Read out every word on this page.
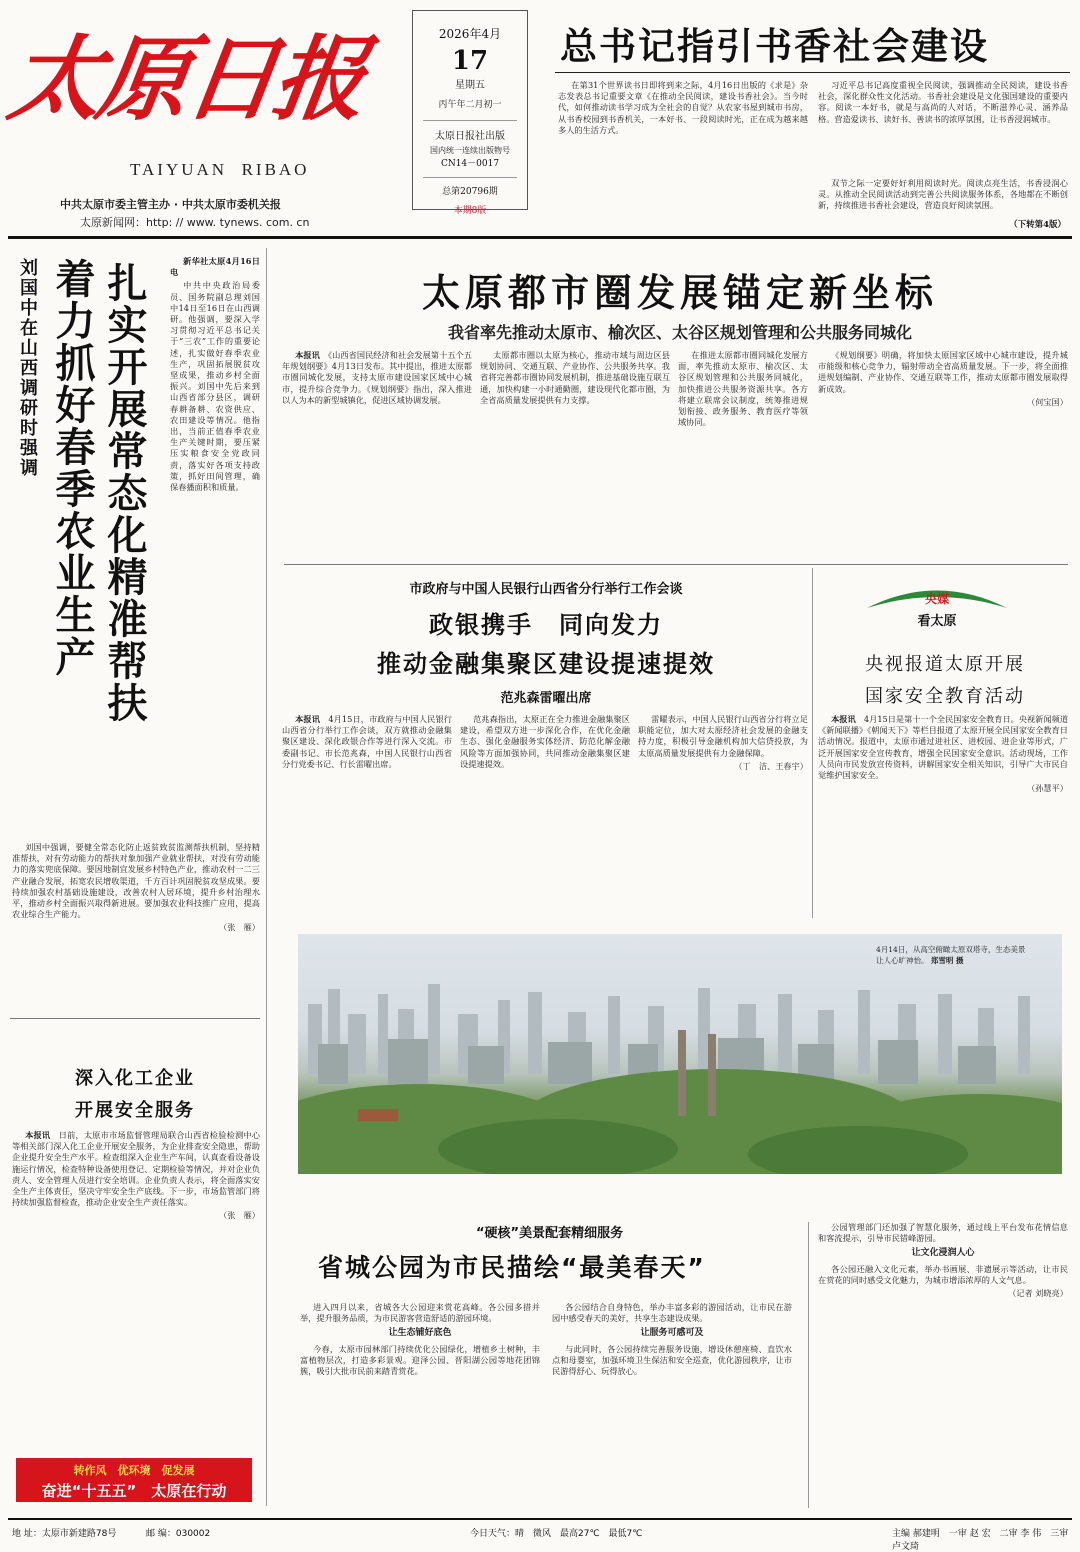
太原日报
TAIYUAN  RIBAO
中共太原市委主管主办 · 中共太原市委机关报
太原新闻网：http: // www. tynews. com. cn
2026年4月
17
星期五
丙午年二月初一
太原日报社出版
国内统一连续出版物号
CN14－0017
总第20796期
本期8版
总书记指引书香社会建设

在第31个世界读书日即将到来之际，4月16日出版的《求是》杂志发表总书记重要文章《在推动全民阅读，建设书香社会》。当今时代，如何推动读书学习成为全社会的自觉？从农家书屋到城市书房，从书香校园到书香机关，一本好书、一段阅读时光，正在成为越来越多人的生活方式。

习近平总书记高度重视全民阅读，强调推动全民阅读，建设书香社会，深化群众性文化活动。书香社会建设是文化强国建设的重要内容。阅读一本好书，就是与高尚的人对话，不断滋养心灵、涵养品格。营造爱读书、读好书、善读书的浓厚氛围，让书香浸润城市。

双节之际一定要好好利用阅读时光。阅读点亮生活，书香浸润心灵。从推动全民阅读活动到完善公共阅读服务体系，各地都在不断创新，持续推进书香社会建设，营造良好阅读氛围。

（下转第4版）
刘国中在山西调研时强调 着力抓好春季农业生产 扎实开展常态化精准帮扶

新华社太原4月16日电

中共中央政治局委员、国务院副总理刘国中14日至16日在山西调研。他强调，要深入学习贯彻习近平总书记关于“三农”工作的重要论述，扎实做好春季农业生产，巩固拓展脱贫攻坚成果，推动乡村全面振兴。刘国中先后来到山西省部分县区，调研春耕备耕、农资供应、农田建设等情况。他指出，当前正值春季农业生产关键时期，要压紧压实粮食安全党政同责，落实好各项支持政策，抓好田间管理，确保春播面积和质量。

刘国中强调，要健全常态化防止返贫致贫监测帮扶机制，坚持精准帮扶，对有劳动能力的帮扶对象加强产业就业帮扶，对没有劳动能力的落实兜底保障。要因地制宜发展乡村特色产业，推动农村一二三产业融合发展，拓宽农民增收渠道，千方百计巩固脱贫攻坚成果。要持续加强农村基础设施建设，改善农村人居环境，提升乡村治理水平，推动乡村全面振兴取得新进展。要加强农业科技推广应用，提高农业综合生产能力。

（张　雁）

深入化工企业
开展安全服务

本报讯　 日前，太原市市场监督管理局联合山西省检验检测中心等相关部门深入化工企业开展安全服务，为企业排查安全隐患，帮助企业提升安全生产水平。检查组深入企业生产车间，认真查看设备设施运行情况，检查特种设备使用登记、定期检验等情况，并对企业负责人、安全管理人员进行安全培训。企业负责人表示，将全面落实安全生产主体责任，坚决守牢安全生产底线。下一步，市场监管部门将持续加强监督检查，推动企业安全生产责任落实。

（张　雁）

转作风　优环境　促发展
奋进“十五五”　太原在行动
太原都市圈发展锚定新坐标
我省率先推动太原市、榆次区、太谷区规划管理和公共服务同城化

本报讯　 《山西省国民经济和社会发展第十五个五年规划纲要》4月13日发布。其中提出，推进太原都市圈同城化发展，支持太原市建设国家区域中心城市，提升综合竞争力。《规划纲要》指出，深入推进以人为本的新型城镇化，促进区域协调发展。

太原都市圈以太原为核心，推动市域与周边区县规划协同、交通互联、产业协作、公共服务共享。我省将完善都市圈协同发展机制，推进基础设施互联互通，加快构建一小时通勤圈，建设现代化都市圈，为全省高质量发展提供有力支撑。

在推进太原都市圈同城化发展方面，率先推动太原市、榆次区、太谷区规划管理和公共服务同城化，加快推进公共服务资源共享。各方将建立联席会议制度，统筹推进规划衔接、政务服务、教育医疗等领域协同。

《规划纲要》明确，将加快太原国家区域中心城市建设，提升城市能级和核心竞争力，辐射带动全省高质量发展。下一步，将全面推进规划编制、产业协作、交通互联等工作，推动太原都市圈发展取得新成效。

（何宝国）

市政府与中国人民银行山西省分行举行工作会谈
政银携手　同向发力
推动金融集聚区建设提速提效
范兆森雷曜出席

本报讯　 4月15日，市政府与中国人民银行山西省分行举行工作会谈，双方就推动金融集聚区建设、深化政银合作等进行深入交流。市委副书记、市长范兆森，中国人民银行山西省分行党委书记、行长雷曜出席。

范兆森指出，太原正在全力推进金融集聚区建设，希望双方进一步深化合作，在优化金融生态、强化金融服务实体经济、防范化解金融风险等方面加强协同，共同推动金融集聚区建设提速提效。

雷曜表示，中国人民银行山西省分行将立足职能定位，加大对太原经济社会发展的金融支持力度，积极引导金融机构加大信贷投放，为太原高质量发展提供有力金融保障。

（丁　洁、王春宇）

央媒
看太原
央视报道太原开展
国家安全教育活动

本报讯　 4月15日是第十一个全民国家安全教育日。央视新闻频道《新闻联播》《朝闻天下》等栏目报道了太原开展全民国家安全教育日活动情况。报道中，太原市通过进社区、进校园、进企业等形式，广泛开展国家安全宣传教育，增强全民国家安全意识。活动现场，工作人员向市民发放宣传资料，讲解国家安全相关知识，引导广大市民自觉维护国家安全。

（孙慧平）

4月14日，从高空俯瞰太原双塔寺，生态美景让人心旷神怡。 郑雪明 摄
“硬核”美景配套精细服务
省城公园为市民描绘“最美春天”

进入四月以来，省城各大公园迎来赏花高峰。各公园多措并举，提升服务品质，为市民游客营造舒适的游园环境。

让生态铺好底色

今春，太原市园林部门持续优化公园绿化，增植乡土树种，丰富植物层次，打造多彩景观。迎泽公园、晋阳湖公园等地花团锦簇，吸引大批市民前来踏青赏花。

各公园结合自身特色，举办丰富多彩的游园活动，让市民在游园中感受春天的美好，共享生态建设成果。

让服务可感可及

与此同时，各公园持续完善服务设施，增设休憩座椅、直饮水点和母婴室，加强环境卫生保洁和安全巡查，优化游园秩序，让市民游得舒心、玩得放心。

公园管理部门还加强了智慧化服务，通过线上平台发布花情信息和客流提示，引导市民错峰游园。

让文化浸润人心

各公园还融入文化元素，举办书画展、非遗展示等活动，让市民在赏花的同时感受文化魅力，为城市增添浓厚的人文气息。

（记者 刘晓亮）

地 址：太原市新建路78号	邮 编：030002	今日天气：晴　微风　最高27℃　最低7℃	主编 郝建明　一审 赵 宏　二审 李 伟　三审 卢文琦
